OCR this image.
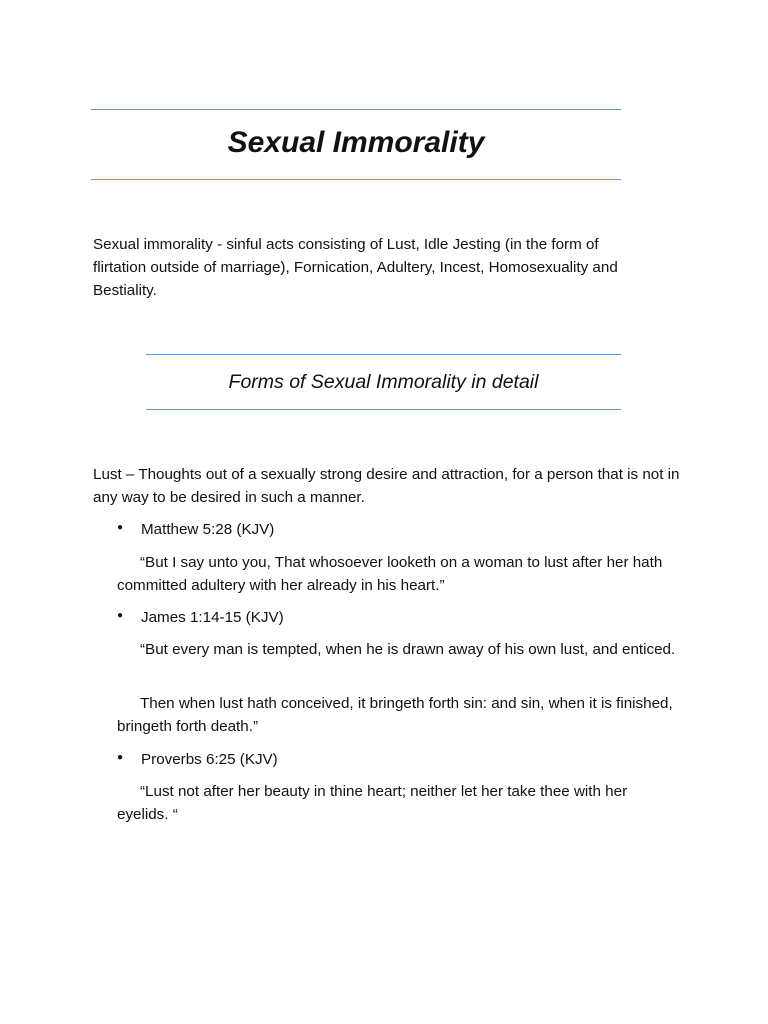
Sexual Immorality

Sexual immorality - sinful acts consisting of Lust, Idle Jesting (in the form of flirtation outside of marriage), Fornication, Adultery, Incest, Homosexuality and Bestiality.

Forms of Sexual Immorality in detail

Lust – Thoughts out of a sexually strong desire and attraction, for a person that is not in any way to be desired in such a manner.

● Matthew 5:28 (KJV)

“But I say unto you, That whosoever looketh on a woman to lust after her hath committed adultery with her already in his heart.”

● James 1:14-15 (KJV)

“But every man is tempted, when he is drawn away of his own lust, and enticed.

Then when lust hath conceived, it bringeth forth sin: and sin, when it is finished, bringeth forth death.”

● Proverbs 6:25 (KJV)

“Lust not after her beauty in thine heart; neither let her take thee with her eyelids. “
